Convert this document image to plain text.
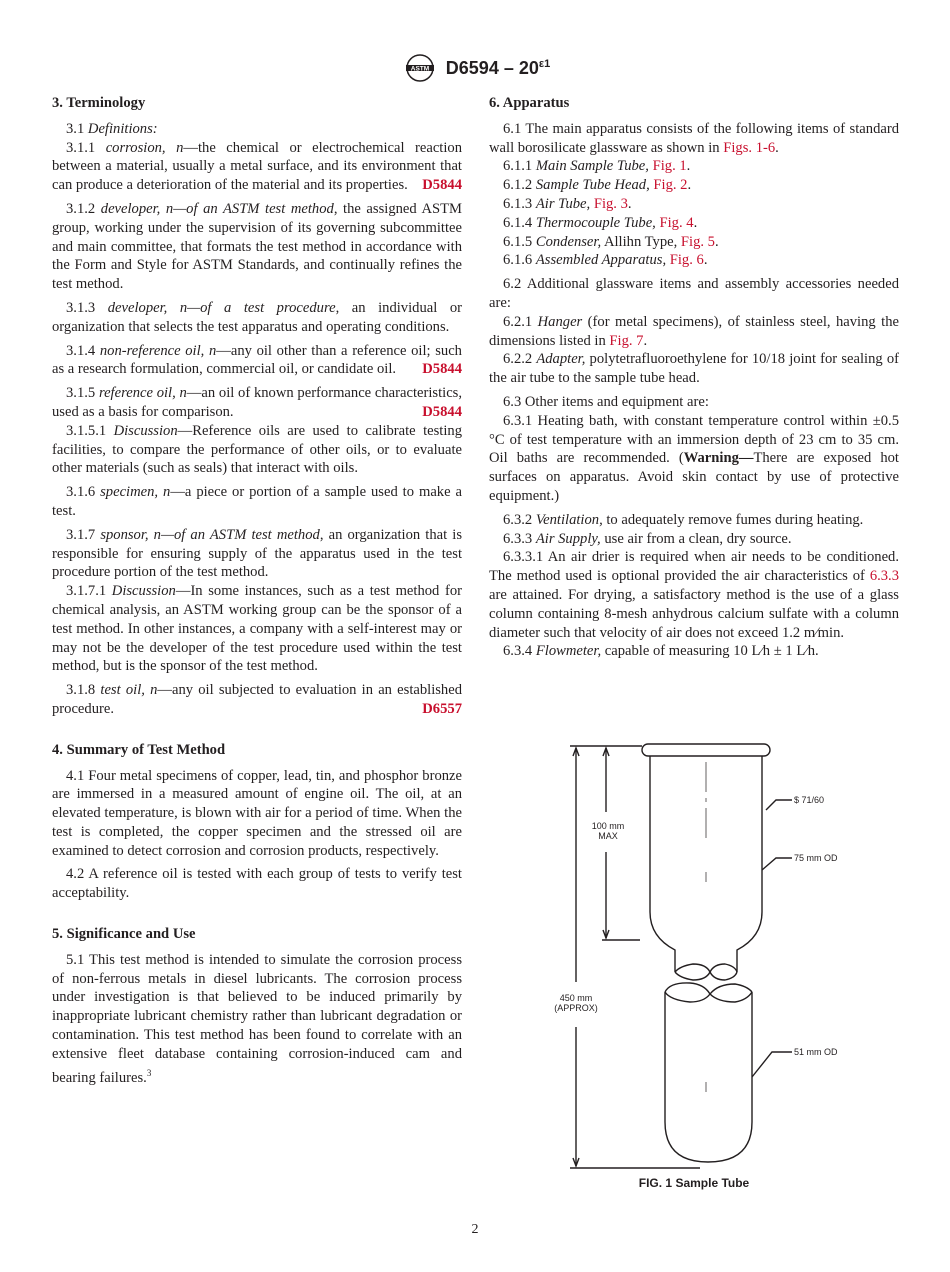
ASTM $D6594 - 20^{\varepsilon 1}$

3. Terminology

3.1 Definitions:

3.1.1 corrosion, n—the chemical or electrochemical reaction between a material, usually a metal surface, and its environment that can produce a deterioration of the material and its properties. D5844

3.1.2 developer, n—of an ASTM test method, the assigned ASTM group, working under the supervision of its governing subcommittee and main committee, that formats the test method in accordance with the Form and Style for ASTM Standards, and continually refines the test method.

3.1.3 developer, n—of a test procedure, an individual or organization that selects the test apparatus and operating conditions.

3.1.4 non-reference oil, n—any oil other than a reference oil; such as a research formulation, commercial oil, or candidate oil.	D5844

3.1.5 reference oil, n—an oil of known performance characteristics, used as a basis for comparison.	D5844

3.1.5.1 Discussion—Reference oils are used to calibrate testing facilities, to compare the performance of other oils, or to evaluate other materials (such as seals) that interact with oils.

3.1.6 specimen, n—a piece or portion of a sample used to make a test.

3.1.7 sponsor, n—of an ASTM test method, an organization that is responsible for ensuring supply of the apparatus used in the test procedure portion of the test method.

3.1.7.1 Discussion—In some instances, such as a test method for chemical analysis, an ASTM working group can be the sponsor of a test method. In other instances, a company with a self-interest may or may not be the developer of the test procedure used within the test method, but is the sponsor of the test method.

3.1.8 test oil, n—any oil subjected to evaluation in an established procedure.	D6557

4. Summary of Test Method

4.1 Four metal specimens of copper, lead, tin, and phosphor bronze are immersed in a measured amount of engine oil. The oil, at an elevated temperature, is blown with air for a period of time. When the test is completed, the copper specimen and the stressed oil are examined to detect corrosion and corrosion products, respectively.

4.2 A reference oil is tested with each group of tests to verify test acceptability.

5. Significance and Use

5.1 This test method is intended to simulate the corrosion process of non-ferrous metals in diesel lubricants. The corrosion process under investigation is that believed to be induced primarily by inappropriate lubricant chemistry rather than lubricant degradation or contamination. This test method has been found to correlate with an extensive fleet database containing corrosion-induced cam and bearing failures.$^3$

6. Apparatus

6.1 The main apparatus consists of the following items of standard wall borosilicate glassware as shown in Figs. 1-6.

6.1.1 Main Sample Tube, Fig. 1.

6.1.2 Sample Tube Head, Fig. 2.

6.1.3 Air Tube, Fig. 3.

6.1.4 Thermocouple Tube, Fig. 4.

6.1.5 Condenser, Allihn Type, Fig. 5.

6.1.6 Assembled Apparatus, Fig. 6.

6.2 Additional glassware items and assembly accessories needed are:

6.2.1 Hanger (for metal specimens), of stainless steel, having the dimensions listed in Fig. 7.

6.2.2 Adapter, polytetrafluoroethylene for 10/18 joint for sealing of the air tube to the sample tube head.

6.3 Other items and equipment are:

6.3.1 Heating bath, with constant temperature control within ±0.5 °C of test temperature with an immersion depth of 23 cm to 35 cm. Oil baths are recommended. (Warning—There are exposed hot surfaces on apparatus. Avoid skin contact by use of protective equipment.)

6.3.2 Ventilation, to adequately remove fumes during heating.

6.3.3 Air Supply, use air from a clean, dry source.

6.3.3.1 An air drier is required when air needs to be conditioned. The method used is optional provided the air characteristics of 6.3.3 are attained. For drying, a satisfactory method is the use of a glass column containing 8-mesh anhydrous calcium sulfate with a column diameter such that velocity of air does not exceed 1.2 m⁄min.

6.3.4 Flowmeter, capable of measuring 10 L⁄h ± 1 L⁄h.

100 mm
MAX
450 mm
(APPROX)
$ 71/60
75 mm OD
51 mm OD
FIG. 1 Sample Tube
2
